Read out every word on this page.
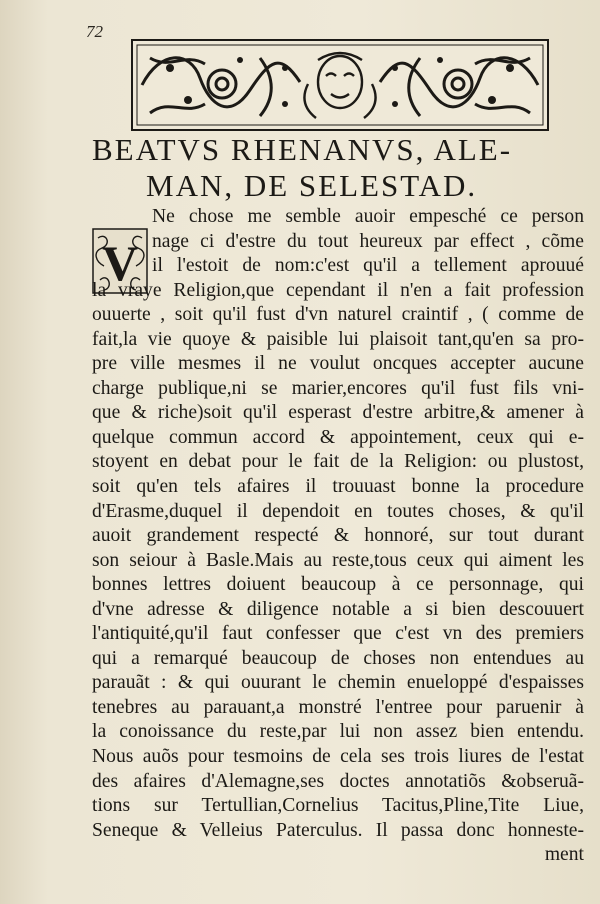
72
BEATVS RHENANVS, ALE-
MAN, DE SELESTAD.
V
Ne chose me semble auoir empesché ce person
nage ci d'estre du tout heureux par effect , cõme
il l'estoit de nom:c'est qu'il a tellement aprouué
la vraye Religion,que cependant il n'en a fait profession
ouuerte , soit qu'il fust d'vn naturel craintif , ( comme de
fait,la vie quoye & paisible lui plaisoit tant,qu'en sa pro-
pre ville mesmes il ne voulut oncques accepter aucune
charge publique,ni se marier,encores qu'il fust fils vni-
que & riche)soit qu'il esperast d'estre arbitre,& amener à
quelque commun accord & appointement, ceux qui e-
stoyent en debat pour le fait de la Religion: ou plustost,
soit qu'en tels afaires il trouuast bonne la procedure
d'Erasme,duquel il dependoit en toutes choses, & qu'il
auoit grandement respecté & honnoré, sur tout durant
son seiour à Basle.Mais au reste,tous ceux qui aiment les
bonnes lettres doiuent beaucoup à ce personnage, qui
d'vne adresse & diligence notable a si bien descouuert
l'antiquité,qu'il faut confesser que c'est vn des premiers
qui a remarqué beaucoup de choses non entendues au
parauãt : & qui ouurant le chemin enueloppé d'espaisses
tenebres au parauant,a monstré l'entree pour paruenir à
la conoissance du reste,par lui non assez bien entendu.
Nous auõs pour tesmoins de cela ses trois liures de l'estat
des afaires d'Alemagne,ses doctes annotatiõs &obseruã-
tions sur Tertullian,Cornelius Tacitus,Pline,Tite Liue,
Seneque & Velleius Paterculus. Il passa donc honneste-
ment
